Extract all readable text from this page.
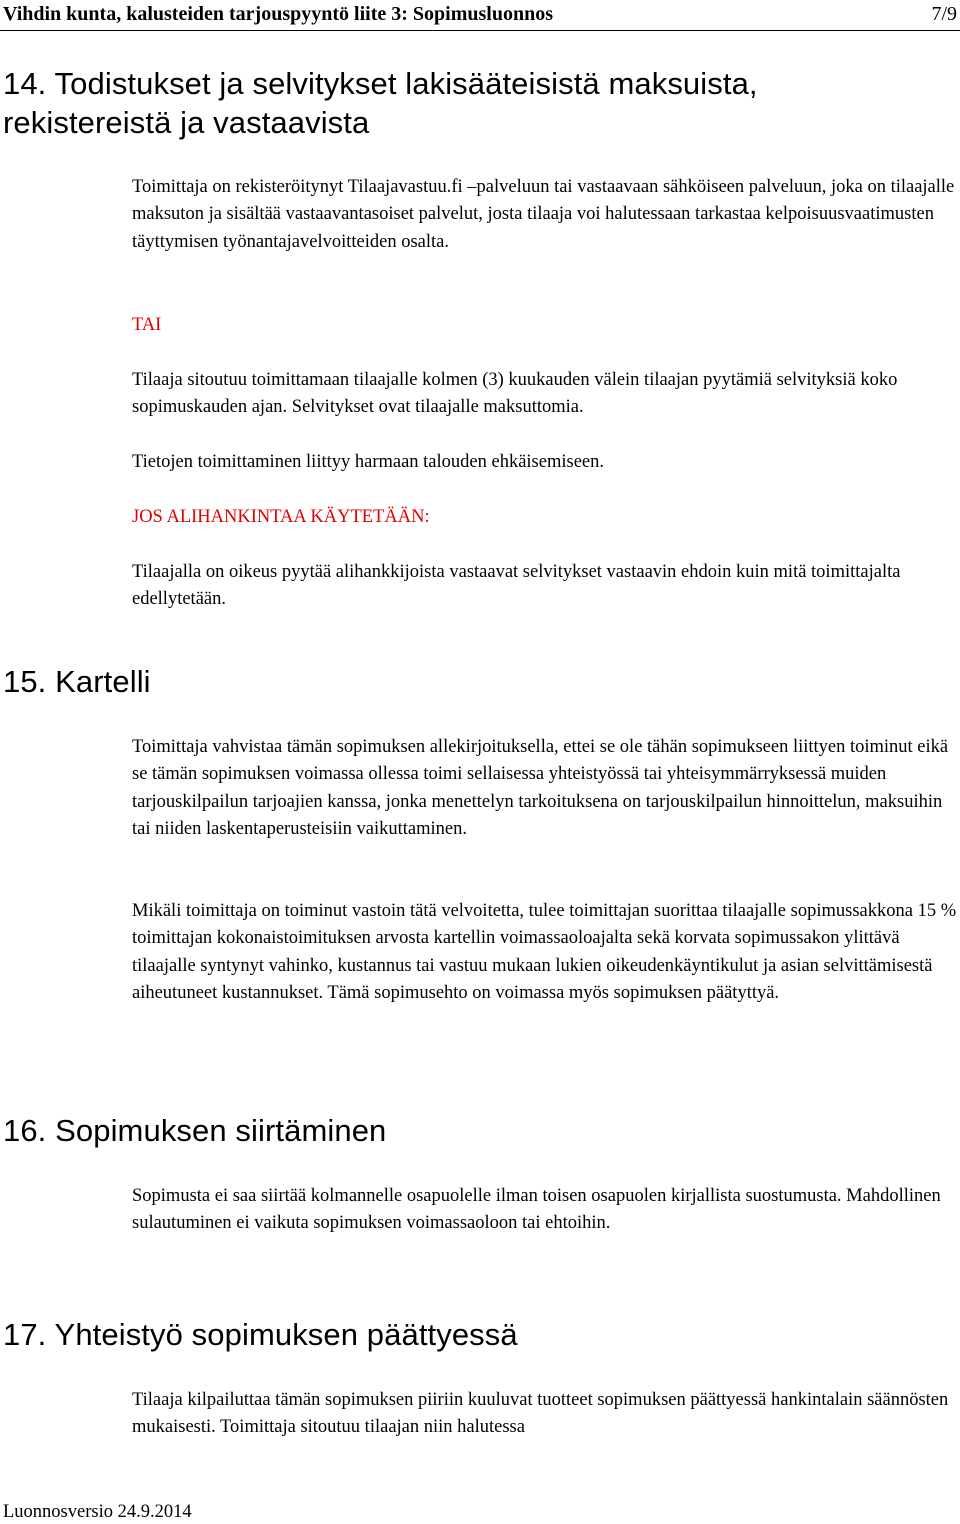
Vihdin kunta, kalusteiden tarjouspyyntö liite 3: Sopimusluonnos	7/9
14. Todistukset ja selvitykset lakisääteisistä maksuista,
rekistereistä ja vastaavista

Toimittaja on rekisteröitynyt Tilaajavastuu.fi –palveluun tai vastaavaan sähköiseen palveluun, joka on tilaajalle maksuton ja sisältää vastaavantasoiset palvelut, josta tilaaja voi halutessaan tarkastaa kelpoisuusvaatimusten täyttymisen työnantajavelvoitteiden osalta.

TAI

Tilaaja sitoutuu toimittamaan tilaajalle kolmen (3) kuukauden välein tilaajan pyytämiä selvityksiä koko sopimuskauden ajan. Selvitykset ovat tilaajalle maksuttomia.

Tietojen toimittaminen liittyy harmaan talouden ehkäisemiseen.

JOS ALIHANKINTAA KÄYTETÄÄN:

Tilaajalla on oikeus pyytää alihankkijoista vastaavat selvitykset vastaavin ehdoin kuin mitä toimittajalta edellytetään.

15. Kartelli

Toimittaja vahvistaa tämän sopimuksen allekirjoituksella, ettei se ole tähän sopimukseen liittyen toiminut eikä se tämän sopimuksen voimassa ollessa toimi sellaisessa yhteistyössä tai yhteisymmärryksessä muiden tarjouskilpailun tarjoajien kanssa, jonka menettelyn tarkoituksena on tarjouskilpailun hinnoittelun, maksuihin tai niiden laskentaperusteisiin vaikuttaminen.

Mikäli toimittaja on toiminut vastoin tätä velvoitetta, tulee toimittajan suorittaa tilaajalle sopimussakkona 15 % toimittajan kokonaistoimituksen arvosta kartellin voimassaoloajalta sekä korvata sopimussakon ylittävä tilaajalle syntynyt vahinko, kustannus tai vastuu mukaan lukien oikeudenkäyntikulut ja asian selvittämisestä aiheutuneet kustannukset. Tämä sopimusehto on voimassa myös sopimuksen päätyttyä.

16. Sopimuksen siirtäminen

Sopimusta ei saa siirtää kolmannelle osapuolelle ilman toisen osapuolen kirjallista suostumusta. Mahdollinen sulautuminen ei vaikuta sopimuksen voimassaoloon tai ehtoihin.

17. Yhteistyö sopimuksen päättyessä

Tilaaja kilpailuttaa tämän sopimuksen piiriin kuuluvat tuotteet sopimuksen päättyessä hankintalain säännösten mukaisesti. Toimittaja sitoutuu tilaajan niin halutessa

Luonnosversio 24.9.2014
